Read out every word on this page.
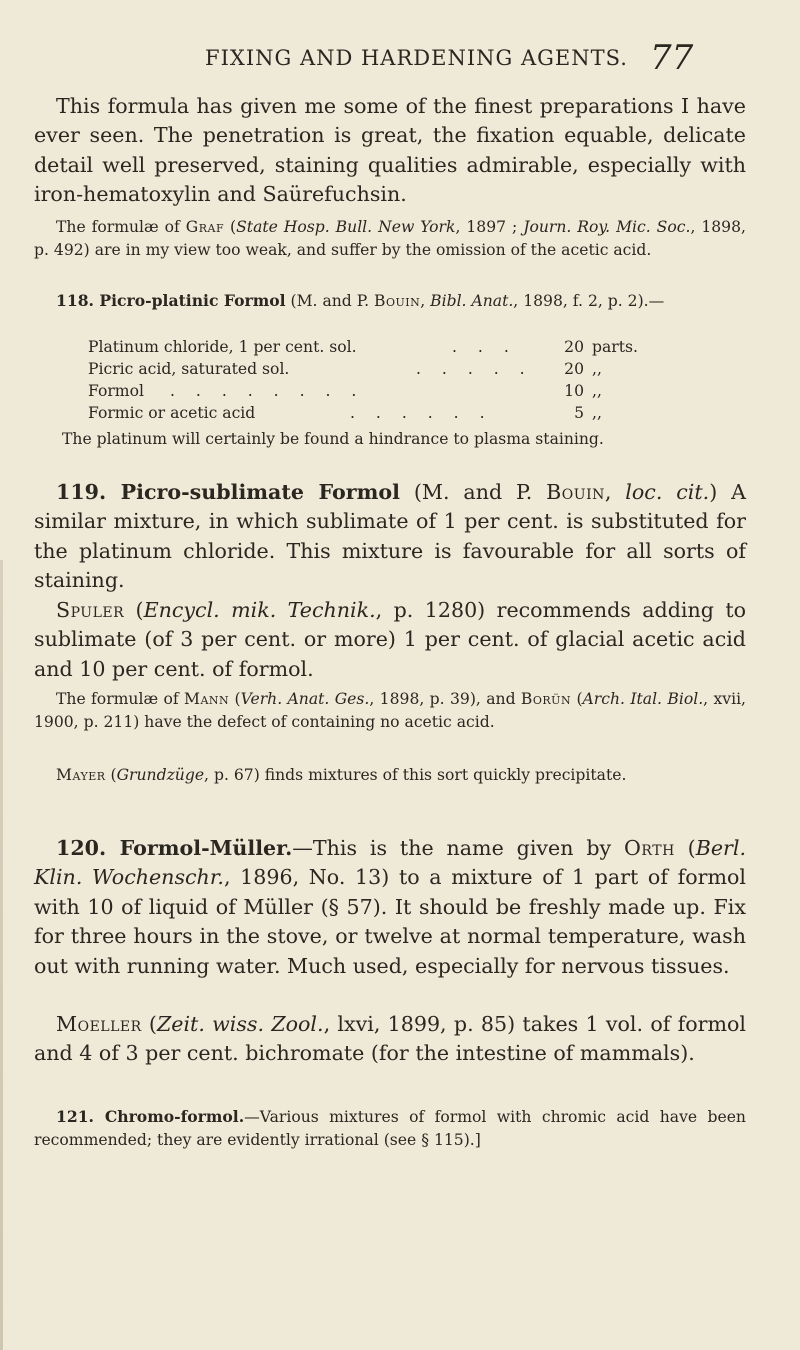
FIXING AND HARDENING AGENTS. 77

This formula has given me some of the finest preparations I have ever seen. The penetration is great, the fixation equable, delicate detail well preserved, staining qualities admirable, especially with iron-hematoxylin and Saürefuchsin.

The formulæ of Graf (State Hosp. Bull. New York, 1897 ; Journ. Roy. Mic. Soc., 1898, p. 492) are in my view too weak, and suffer by the omission of the acetic acid.

118. Picro-platinic Formol (M. and P. Bouin, Bibl. Anat., 1898, f. 2, p. 2).—

Platinum chloride, 1 per cent. sol.	. . .	20 parts.
Picric acid, saturated sol.	. . . . . 20 ,,
Formol . . . . . . . .	10 ,,
Formic or acetic acid	. . . . . .	5 ,,

The platinum will certainly be found a hindrance to plasma staining.

119. Picro-sublimate Formol (M. and P. Bouin, loc. cit.) A similar mixture, in which sublimate of 1 per cent. is substituted for the platinum chloride. This mixture is favourable for all sorts of staining.

Spuler (Encycl. mik. Technik., p. 1280) recommends adding to sublimate (of 3 per cent. or more) 1 per cent. of glacial acetic acid and 10 per cent. of formol.

The formulæ of Mann (Verh. Anat. Ges., 1898, p. 39), and Borün (Arch. Ital. Biol., xvii, 1900, p. 211) have the defect of containing no acetic acid.

Mayer (Grundzüge, p. 67) finds mixtures of this sort quickly precipitate.

120. Formol-Müller.—This is the name given by Orth (Berl. Klin. Wochenschr., 1896, No. 13) to a mixture of 1 part of formol with 10 of liquid of Müller (§ 57). It should be freshly made up. Fix for three hours in the stove, or twelve at normal temperature, wash out with running water. Much used, especially for nervous tissues.

Moeller (Zeit. wiss. Zool., lxvi, 1899, p. 85) takes 1 vol. of formol and 4 of 3 per cent. bichromate (for the intestine of mammals).

121. Chromo-formol.—Various mixtures of formol with chromic acid have been recommended; they are evidently irrational (see § 115).]
